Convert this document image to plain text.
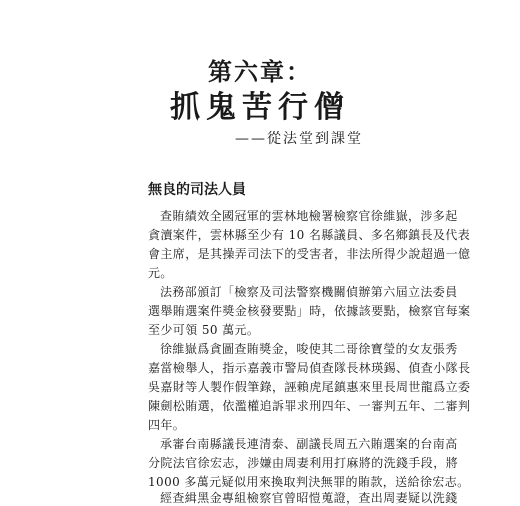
第六章：
抓鬼苦行僧
——從法堂到課堂
無良的司法人員
查賄績效全國冠軍的雲林地檢署檢察官徐維嶽，涉多起
貪瀆案件，雲林縣至少有 10 名縣議員、多名鄉鎮長及代表
會主席，是其操弄司法下的受害者，非法所得少說超過一億
元。
法務部頒訂「檢察及司法警察機關偵辦第六屆立法委員
選舉賄選案件獎金核發要點」時，依據該要點，檢察官每案
至少可領 50 萬元。
徐維嶽爲貪圖查賄獎金，唆使其二哥徐寶瑩的女友張秀
嘉當檢舉人，指示嘉義市警局偵查隊長林瑛錫、偵查小隊長
吳嘉財等人製作假筆錄，誣賴虎尾鎮惠來里長周世龍爲立委
陳劍松賄選，依濫權追訴罪求刑四年、一審判五年、二審判
四年。
承審台南縣議長連清泰、副議長周五六賄選案的台南高
分院法官徐宏志，涉嫌由周妻利用打麻將的洗錢手段，將
1000 多萬元疑似用來換取判決無罪的賄款，送給徐宏志。
經查緝黑金專組檢察官曾昭愷蒐證，查出周妻疑以洗錢
